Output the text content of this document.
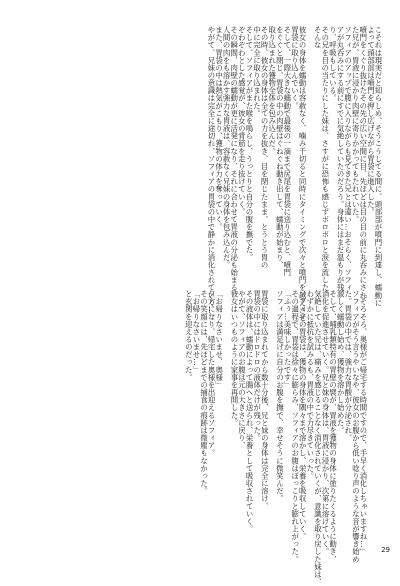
こそれは現実だと知らしめ、そうこうしてる間に、頭部部が噴門に到達し、蠕動に
よって頭部部は噴門を押し広げながら胃袋に進入した。
噴門をくぐり抜けたその先の広い空間に目、先ほどは目の目の前に丸呑みにされ
た兄が、胃液に浸かり肉壁に寄りかかってもたれていた。
ソフィアのアップで腹に入りながらも見てきた兄とは違い…おそらく、ソフィ
アが丸呑みにする前にすでに気絶していたのだろう。身体にはまだ温もりが残
り、呼吸もしている。
その兄を目の当たりにした妹は、さすがに恐怖も感じずボロボロと涙を流した。
そんな
彼女の身体を蠕動は容赦なく、噛み千切ると同時にタイミングで次々と噴門を越えさせ、
胃袋に取り込んでいく。
そして、一際大きな蠕動で最後の一滴まで尻尾を胃袋に送り込むと、噴門
をぐぐと閉じ、胃袋の中の肉壁はぐねぐね動き出して、蠕動が始まり、
取り込まれた獲物全体を包み込んだ。
その時、彼女の身体は全ての力を抜き、目を閉じたまま、とうとう胃の
中に完全に取り込まれた。
そして、ソフィアがまた喉を鳴らし、うっとりと自分の腹を撫でた。
ぞわぞわとした感覚が、彼女の背筋を走り抜けていく。
その瞬間、肉壁の蠕動が更に活発になり、それに合わせて胃液の分泌も始まる。
人間の肉をも溶かす強力な胃液は、容赦なく兄妹の身体を包み込んだ。
また、胃袋の中は熱気がこもり、獲物の体力を奪っていく。
やがて、兄妹の意識は完全に途切れ、ソフィアの胃袋の中で静かに消化されていく…。
「そろそろ、奥様がご帰宅する時間ですので、手早く消化しちゃいますね…」
ソフィアがそう言うやいなや、彼女のお腹から低い唸り声のような音が響き始め
た。胃袋の中では、強力な胃酸が分泌され、
激しく蠕動し始め、獲物を溶かし始めた。
そして、哺乳類特有の胃壁の襞が、胃液を獲物の身体に塗りたくるように動き、
消化を促進させていく。兄と妹の身体は、胃液に浸かり、次第に溶けていく。
気絶していた兄は、痛みを感じることなく消化されていくが、意識を取り戻した妹は、
わずかに抵抗を試みるも、胃液の中で力尽きていった。
ソフィアの胃袋は、獲物の身体を隅々まで溶かし、栄養を吸収していく。
その過程で、胃袋は徐々に膨らみ、ソフィアのお腹はぽっこりと膨れ上がった。
「ふぅ…美味しかったです」
ソフィアは満足げに自分のお腹を撫で、幸せそうに微笑んだ。
胃袋に取り込まれてから数十分後、兄と妹の身体は完全に溶け、
胃袋の中にはドロドロの液体だけが残った。
その液体は、蠕動によって腸へと送られ、栄養として吸収されていく。
やがて、ソフィアのお腹は元の大きさに戻り、
彼女はいつものように家事を再開した。
「お帰りなさいませ、奥様」
夕方になり、帰宅した奥様を出迎えるソフィア。
その笑顔には、先ほどまでの捕食の痕跡は微塵もなかった。
「お帰りなさいませ…」
と玄関を迎えるのだった。
29
